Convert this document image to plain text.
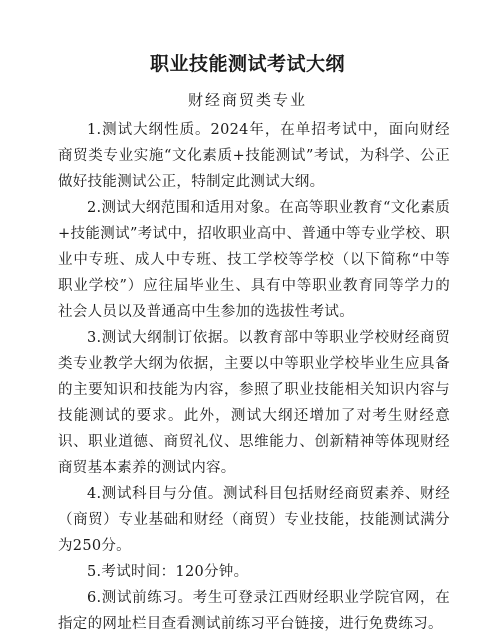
职业技能测试考试大纲
财经商贸类专业

1.测试大纲性质。2024年，在单招考试中，面向财经商贸类专业实施“文化素质+技能测试”考试，为科学、公正做好技能测试公正，特制定此测试大纲。

2.测试大纲范围和适用对象。在高等职业教育“文化素质+技能测试”考试中，招收职业高中、普通中等专业学校、职业中专班、成人中专班、技工学校等学校（以下简称“中等职业学校”）应往届毕业生、具有中等职业教育同等学力的社会人员以及普通高中生参加的选拔性考试。

3.测试大纲制订依据。以教育部中等职业学校财经商贸类专业教学大纲为依据，主要以中等职业学校毕业生应具备的主要知识和技能为内容，参照了职业技能相关知识内容与技能测试的要求。此外，测试大纲还增加了对考生财经意识、职业道德、商贸礼仪、思维能力、创新精神等体现财经商贸基本素养的测试内容。

4.测试科目与分值。测试科目包括财经商贸素养、财经（商贸）专业基础和财经（商贸）专业技能，技能测试满分为250分。

5.考试时间：120分钟。

6.测试前练习。考生可登录江西财经职业学院官网，在指定的网址栏目查看测试前练习平台链接，进行免费练习。
